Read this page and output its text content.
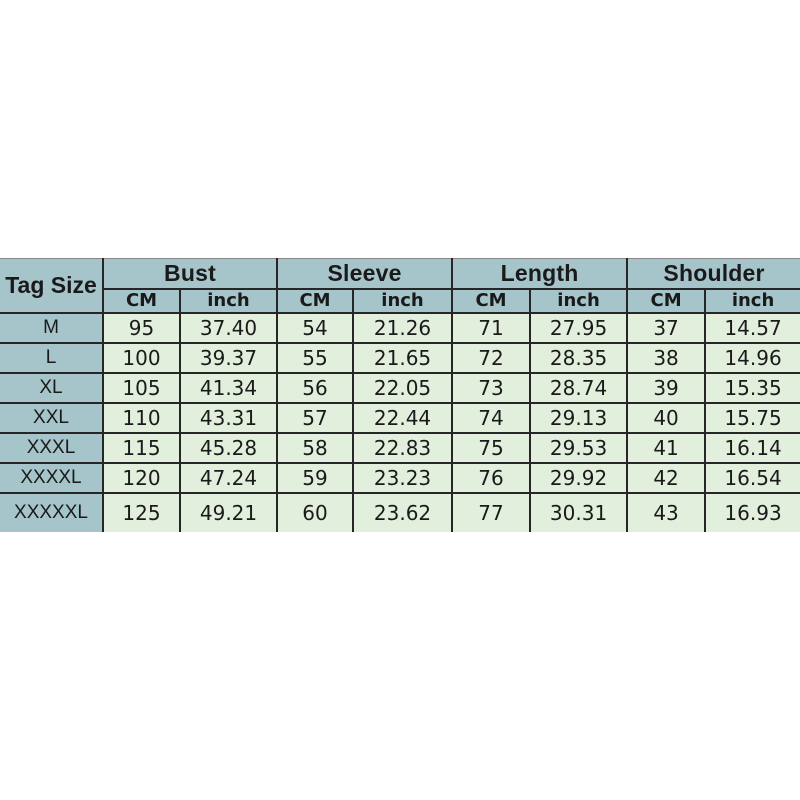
Tag Size	Bust		Sleeve		Length		Shoulder	
	CM	inch	CM	inch	CM	inch	CM	inch
M	95	37.40	54	21.26	71	27.95	37	14.57
L	100	39.37	55	21.65	72	28.35	38	14.96
XL	105	41.34	56	22.05	73	28.74	39	15.35
XXL	110	43.31	57	22.44	74	29.13	40	15.75
XXXL	115	45.28	58	22.83	75	29.53	41	16.14
XXXXL	120	47.24	59	23.23	76	29.92	42	16.54
XXXXXL	125	49.21	60	23.62	77	30.31	43	16.93
